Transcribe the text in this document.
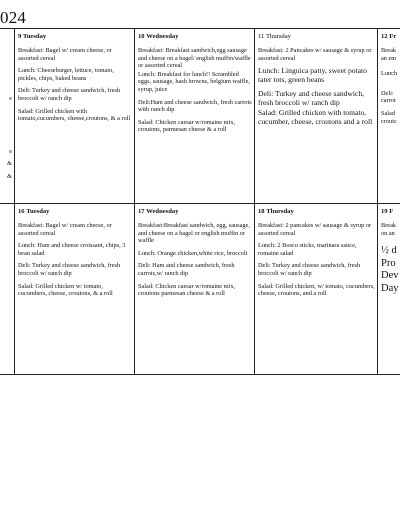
024
e
e
&
&
9 Tuesday
Breakfast: Bagel w/ cream cheese, or assorted cereal
Lunch: Cheeseburger, lettuce, tomato, pickles, chips, baked beans
Deli: Turkey and cheese sandwich, fresh broccoli w/ ranch dip
Salad: Grilled chicken with tomato,cucumbers, cheese,croutons, & a roll
10 Wednesday
Breakfast: Breakfast sandwich,egg sausage and cheese on a bagel/ english muffin/waffle or assorted cereal
Lunch: Breakfast for lunch!! Scrambled eggs, sausage, hash browns, belgium waffle, syrup, juice
Deli:Ham and cheese sandwich, fresh carrots with ranch dip
Salad: Chicken caesar w/romaine mix, croutons, parmesan cheese & a roll
11 Thursday
Breakfast: 2 Pancakes w/ sausage & syrup or assorted cereal
Lunch: Linguica patty, sweet potato tater tots, green beans
Deli: Turkey and cheese sandwich, fresh broccoli w/ ranch dip
Salad: Grilled chicken with tomato, cucumber, cheese, croutons and a roll
12 Fr
Break
an em
Lunch
Deli:
carrot
Salad
croutc
16 Tuesday
Breakfast: Bagel w/ cream cheese, or assorted cereal
Lunch: Ham and cheese croissant, chips, 3 bean salad
Deli: Turkey and cheese sandwich, fresh broccoli w/ ranch dip
Salad: Grilled chicken w/ tomato, cucumbers, cheese, croutons, & a roll
17 Wednesday
Breakfast:Breakfast sandwich, egg, sausage, and cheese on a bagel or english muffin or waffle
Lunch: Orange chicken,white rice, broccoli
Deli: Ham and cheese sandwich, fresh carrots,w/ ranch dip
Salad: Chicken caesar w/romaine mix, croutons parmesan cheese & a roll
18 Thursday
Breakfast: 2 pancakes w/ sausage & syrup or assorted cereal
Lunch: 2 Bosco sticks, marinara sauce, romaine salad
Deli: Turkey and cheese sandwich, fresh broccoli w/ ranch dip
Salad: Grilled chicken, w/ tomato, cucumbers, cheese, croutons, and a roll
19 F
Break
on an
½ d
Pro
Dev
Day
